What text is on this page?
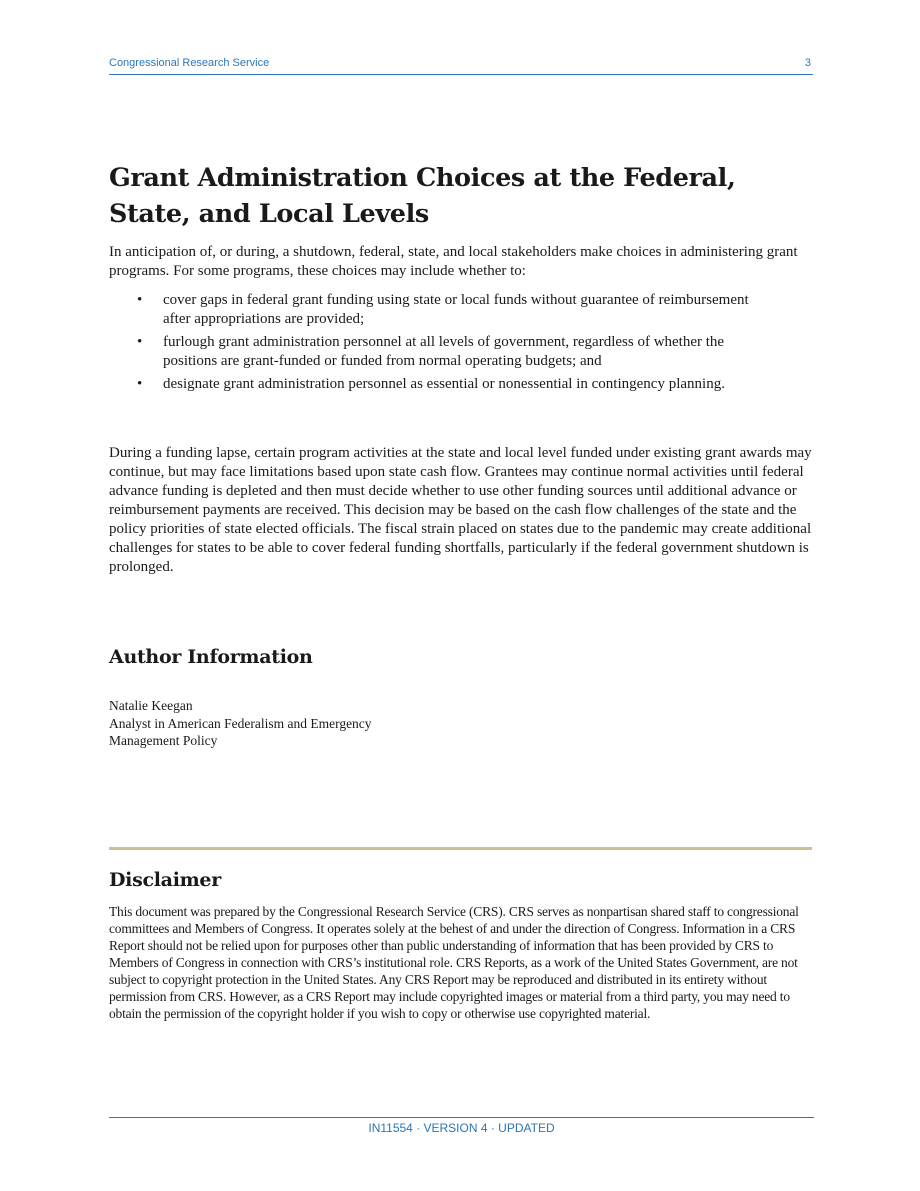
Congressional Research Service	3
Grant Administration Choices at the Federal, State, and Local Levels

In anticipation of, or during, a shutdown, federal, state, and local stakeholders make choices in administering grant programs. For some programs, these choices may include whether to:

• cover gaps in federal grant funding using state or local funds without guarantee of reimbursement after appropriations are provided;
• furlough grant administration personnel at all levels of government, regardless of whether the positions are grant-funded or funded from normal operating budgets; and
• designate grant administration personnel as essential or nonessential in contingency planning.

During a funding lapse, certain program activities at the state and local level funded under existing grant awards may continue, but may face limitations based upon state cash flow. Grantees may continue normal activities until federal advance funding is depleted and then must decide whether to use other funding sources until additional advance or reimbursement payments are received. This decision may be based on the cash flow challenges of the state and the policy priorities of state elected officials. The fiscal strain placed on states due to the pandemic may create additional challenges for states to be able to cover federal funding shortfalls, particularly if the federal government shutdown is prolonged.

Author Information
Natalie Keegan
Analyst in American Federalism and Emergency
Management Policy
Disclaimer

This document was prepared by the Congressional Research Service (CRS). CRS serves as nonpartisan shared staff to congressional committees and Members of Congress. It operates solely at the behest of and under the direction of Congress. Information in a CRS Report should not be relied upon for purposes other than public understanding of information that has been provided by CRS to Members of Congress in connection with CRS’s institutional role. CRS Reports, as a work of the United States Government, are not subject to copyright protection in the United States. Any CRS Report may be reproduced and distributed in its entirety without permission from CRS. However, as a CRS Report may include copyrighted images or material from a third party, you may need to obtain the permission of the copyright holder if you wish to copy or otherwise use copyrighted material.

IN11554 · VERSION 4 · UPDATED
